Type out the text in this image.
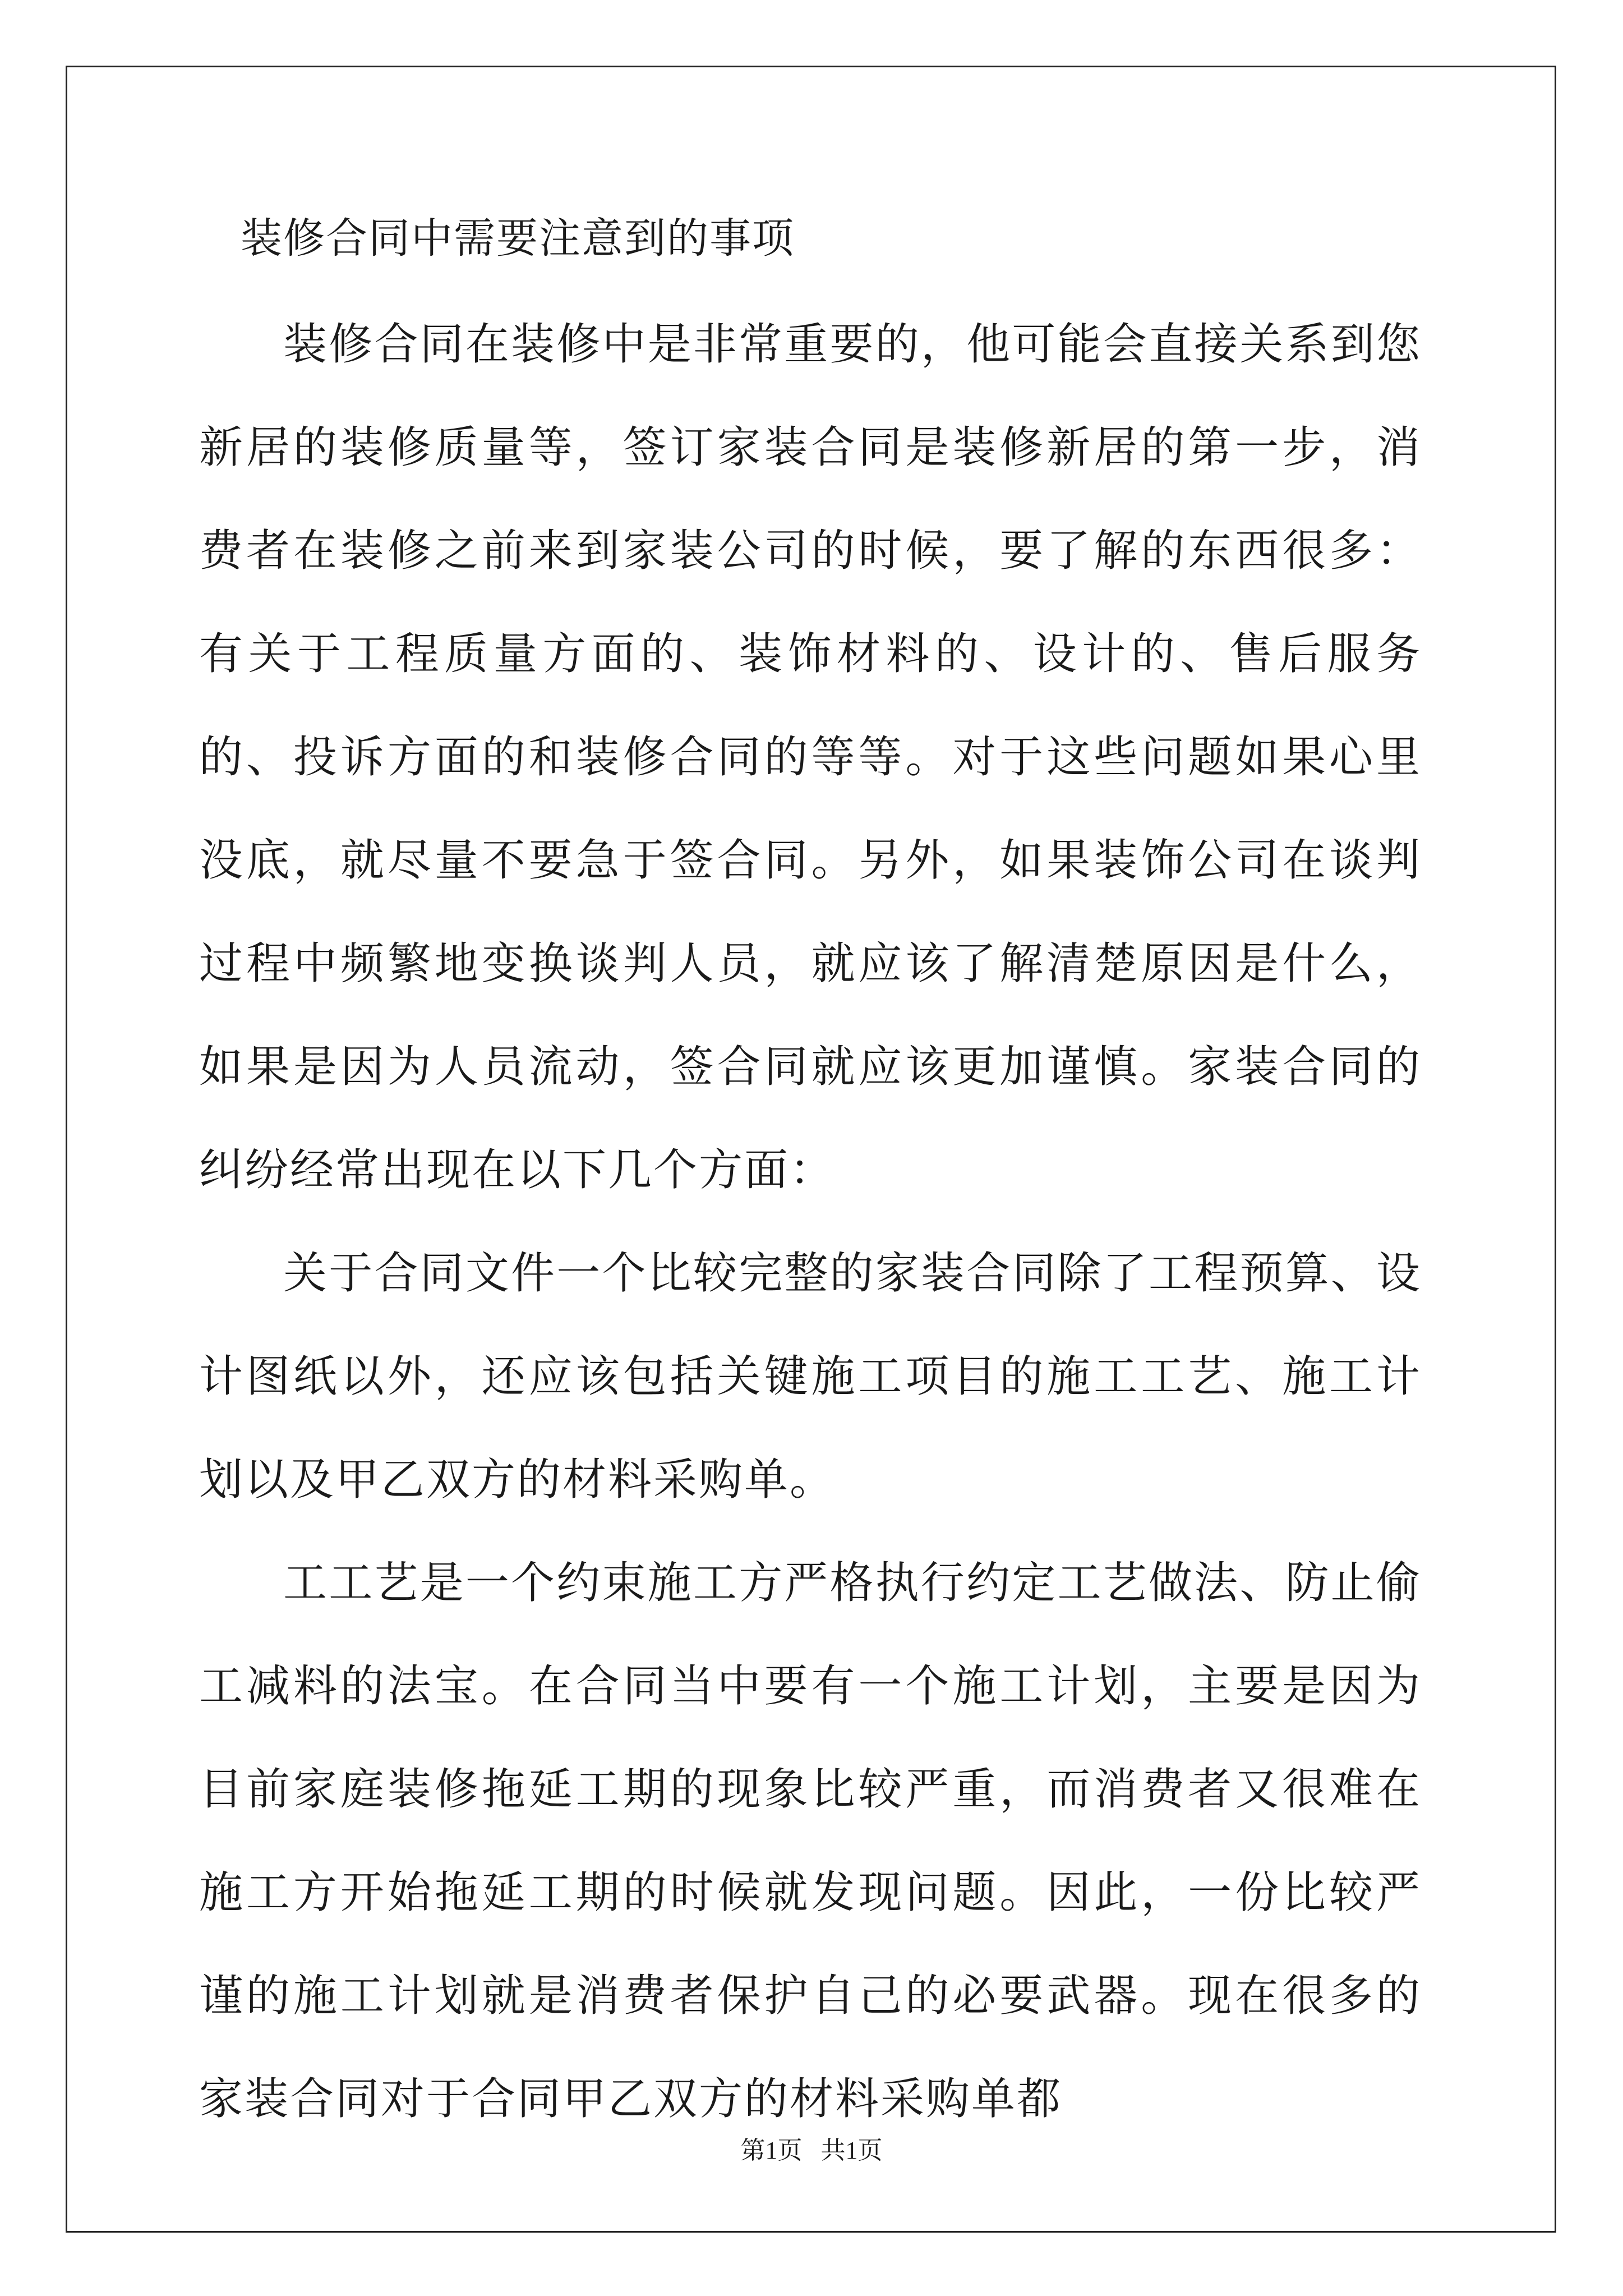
装修合同中需要注意到的事项

装修合同在装修中是非常重要的，他可能会直接关系到您新居的装修质量等，签订家装合同是装修新居的第一步，消费者在装修之前来到家装公司的时候，要了解的东西很多：有关于工程质量方面的、装饰材料的、设计的、售后服务的、投诉方面的和装修合同的等等。对于这些问题如果心里没底，就尽量不要急于签合同。另外，如果装饰公司在谈判过程中频繁地变换谈判人员，就应该了解清楚原因是什么，如果是因为人员流动，签合同就应该更加谨慎。家装合同的纠纷经常出现在以下几个方面：

关于合同文件一个比较完整的家装合同除了工程预算、设计图纸以外，还应该包括关键施工项目的施工工艺、施工计划以及甲乙双方的材料采购单。

工工艺是一个约束施工方严格执行约定工艺做法、防止偷工减料的法宝。在合同当中要有一个施工计划，主要是因为目前家庭装修拖延工期的现象比较严重，而消费者又很难在施工方开始拖延工期的时候就发现问题。因此，一份比较严谨的施工计划就是消费者保护自己的必要武器。现在很多的家装合同对于合同甲乙双方的材料采购单都

第1页   共1页
